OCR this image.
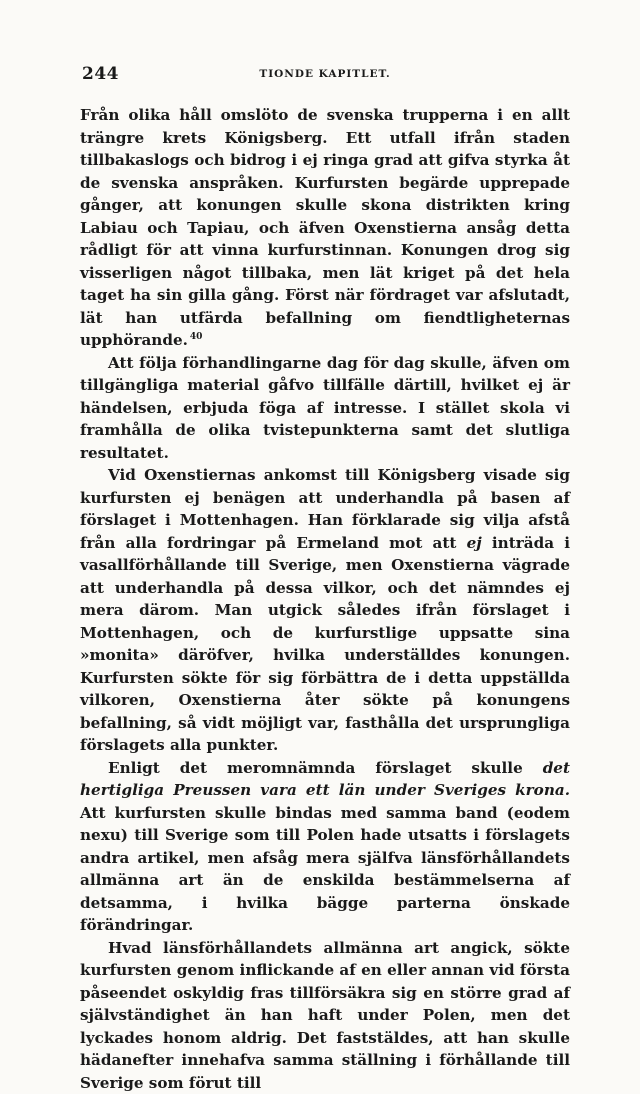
244	TIONDE KAPITLET.

Från olika håll omslöto de svenska trupperna i en allt trängre krets Königsberg. Ett utfall ifrån staden tillbakaslogs och bidrog i ej ringa grad att gifva styrka åt de svenska anspråken. Kurfursten begärde upprepade gånger, att konungen skulle skona distrikten kring Labiau och Tapiau, och äfven Oxenstierna ansåg detta rådligt för att vinna kurfurstinnan. Konungen drog sig visserligen något tillbaka, men lät kriget på det hela taget ha sin gilla gång. Först när fördraget var afslutadt, lät han utfärda befallning om fiendtligheternas upphörande. $^{40}$

Att följa förhandlingarne dag för dag skulle, äfven om tillgängliga material gåfvo tillfälle därtill, hvilket ej är händelsen, erbjuda föga af intresse. I stället skola vi framhålla de olika tvistepunkterna samt det slutliga resultatet.

Vid Oxenstiernas ankomst till Königsberg visade sig kurfursten ej benägen att underhandla på basen af förslaget i Mottenhagen. Han förklarade sig vilja afstå från alla fordringar på Ermeland mot att ej inträda i vasallförhållande till Sverige, men Oxenstierna vägrade att underhandla på dessa vilkor, och det nämndes ej mera därom. Man utgick således ifrån förslaget i Mottenhagen, och de kurfurstlige uppsatte sina »monita» däröfver, hvilka underställdes konungen. Kurfursten sökte för sig förbättra de i detta uppställda vilkoren, Oxenstierna åter sökte på konungens befallning, så vidt möjligt var, fasthålla det ursprungliga förslagets alla punkter.

Enligt det meromnämnda förslaget skulle det hertigliga Preussen vara ett län under Sveriges krona. Att kurfursten skulle bindas med samma band (eodem nexu) till Sverige som till Polen hade utsatts i förslagets andra artikel, men afsåg mera själfva länsförhållandets allmänna art än de enskilda bestämmelserna af detsamma, i hvilka bägge parterna önskade förändringar.

Hvad länsförhållandets allmänna art angick, sökte kurfursten genom inflickande af en eller annan vid första påseendet oskyldig fras tillförsäkra sig en större grad af självständighet än han haft under Polen, men det lyckades honom aldrig. Det faststäldes, att han skulle hädanefter innehafva samma ställning i förhållande till Sverige som förut till
